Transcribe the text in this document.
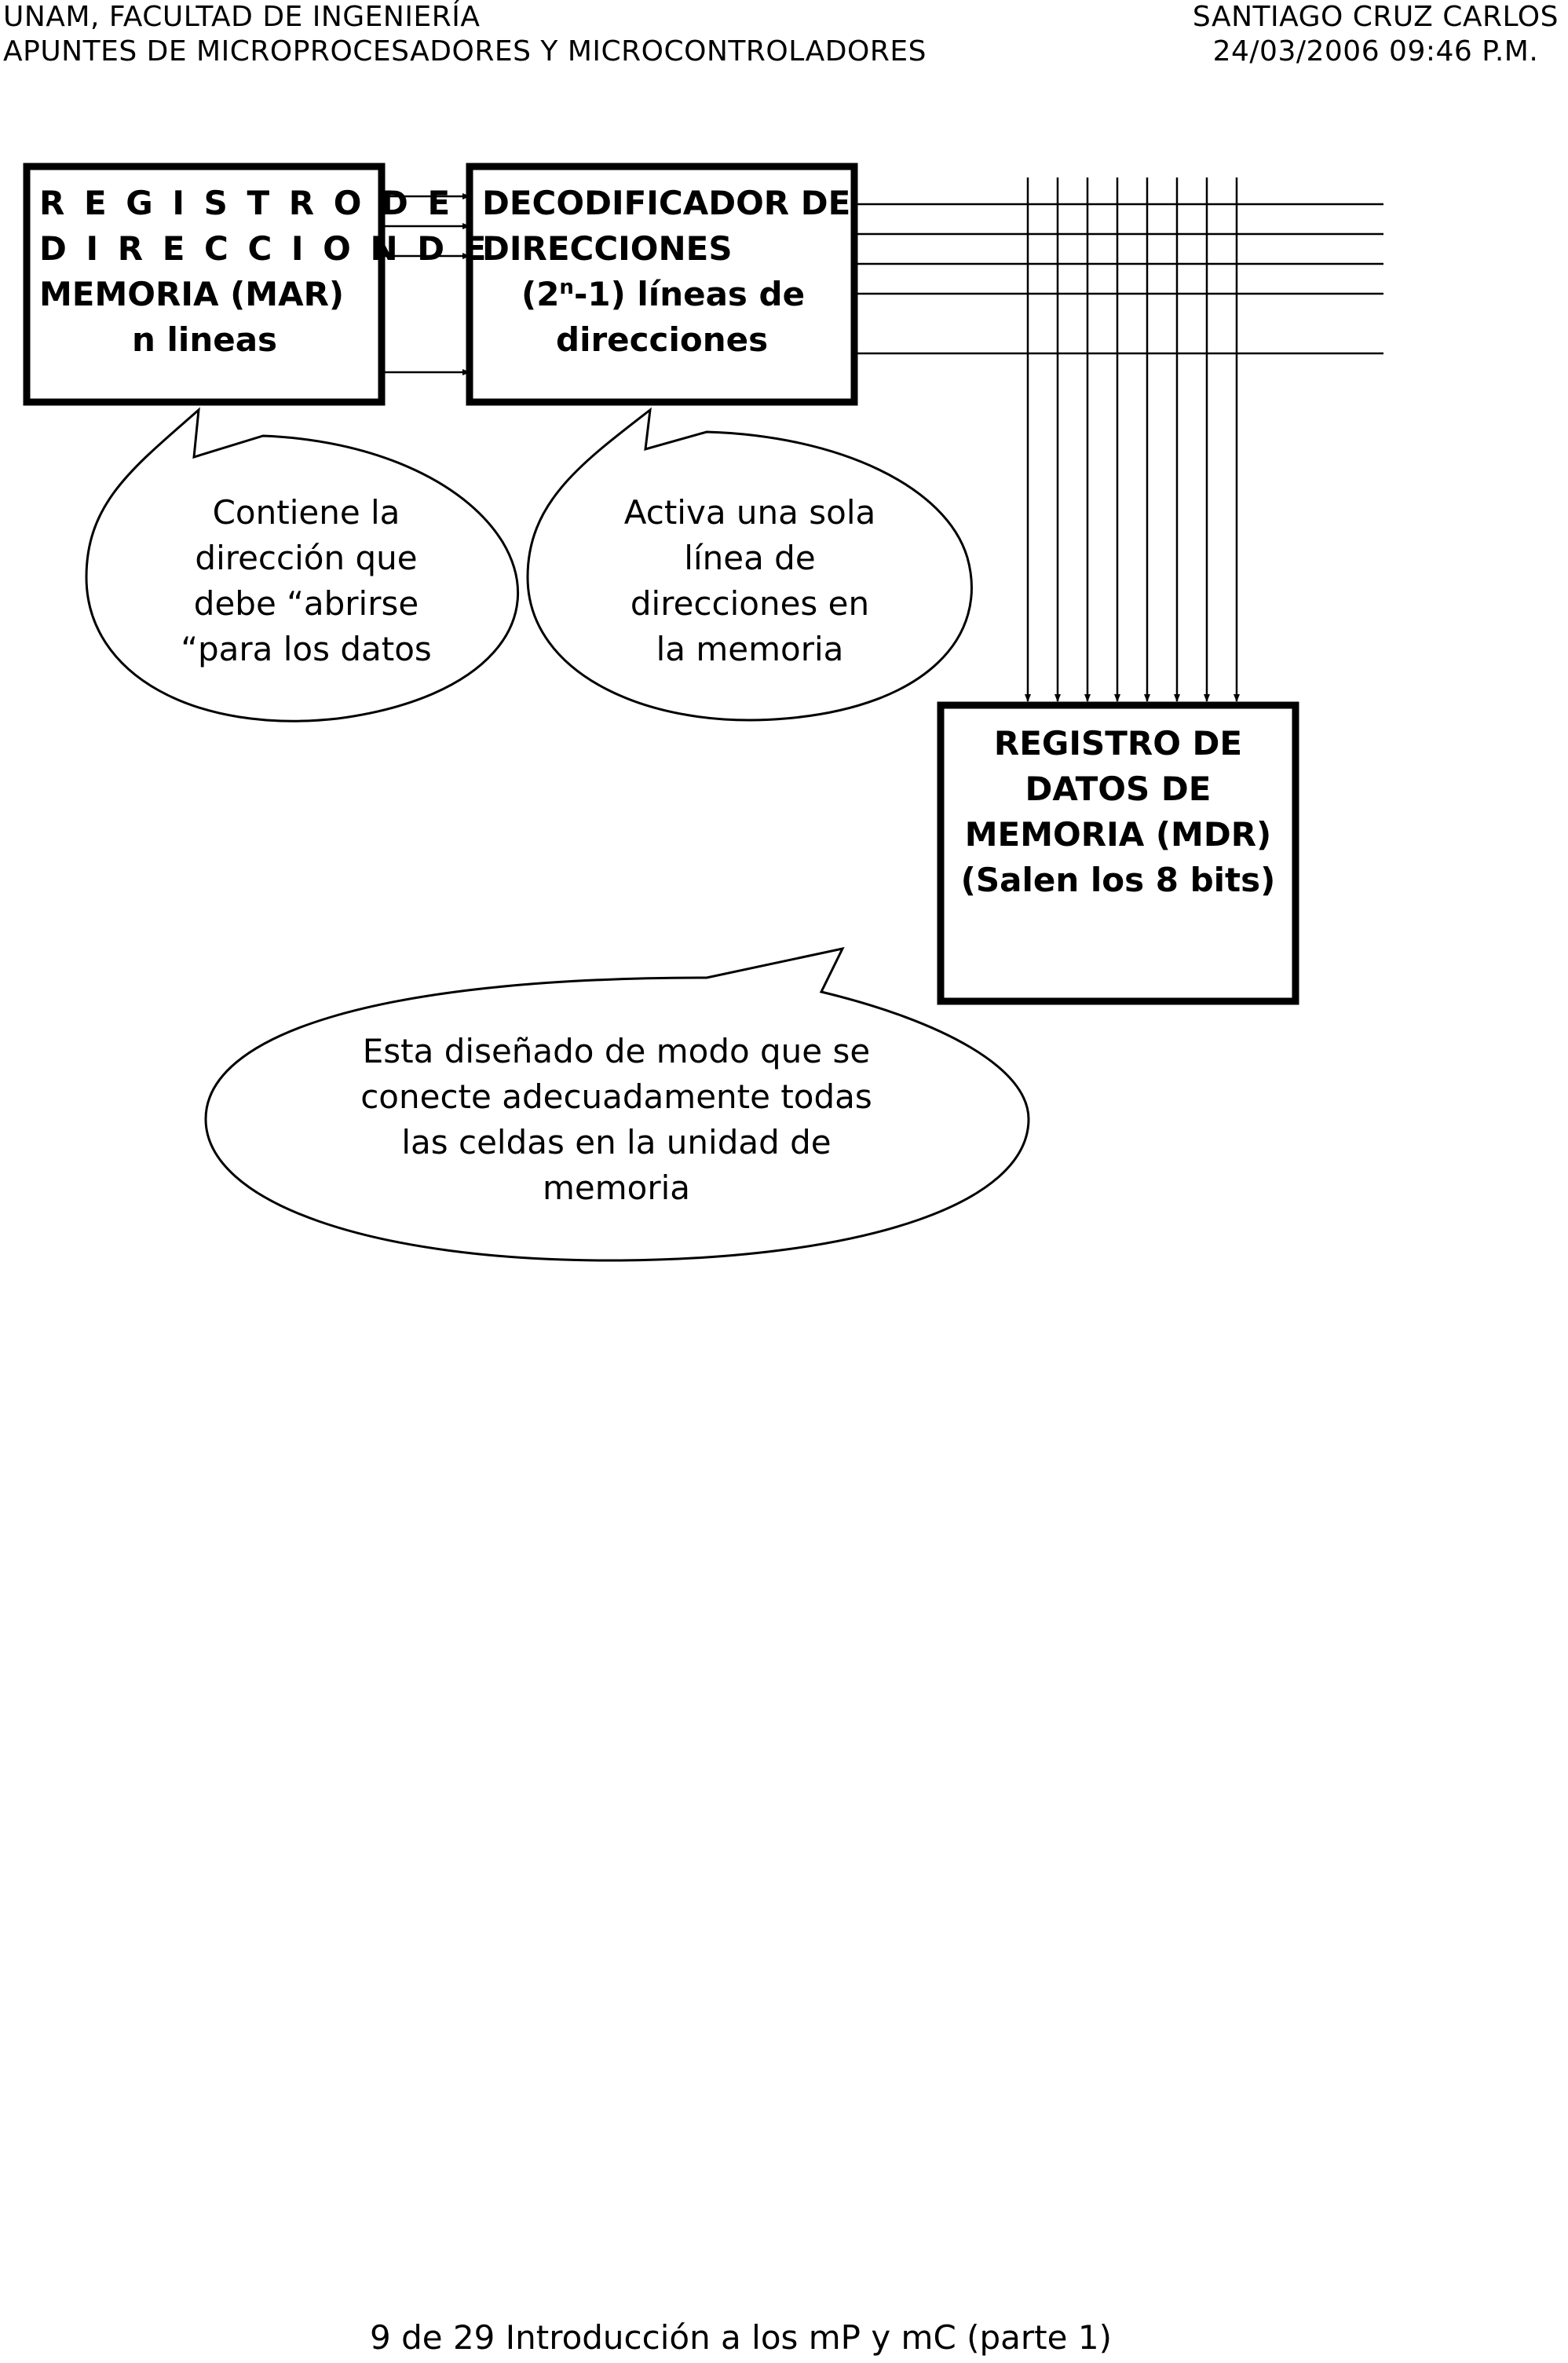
UNAM, FACULTAD DE INGENIERÍA
APUNTES DE MICROPROCESADORES Y MICROCONTROLADORES
SANTIAGO CRUZ CARLOS
24/03/2006 09:46 P.M.
R E G I S T R O D E
D I R E C C I O N D E
MEMORIA (MAR)
n lineas
DECODIFICADOR DE
DIRECCIONES
(2$^n$-1) líneas de
direcciones
REGISTRO DE
DATOS DE
MEMORIA (MDR)
(Salen los 8 bits)
Contiene la
dirección que
debe “abrirse
“para los datos
Activa una sola
línea de
direcciones en
la memoria
Esta diseñado de modo que se
conecte adecuadamente todas
las celdas en la unidad de
memoria
9 de 29 Introducción a los mP y mC (parte 1)
